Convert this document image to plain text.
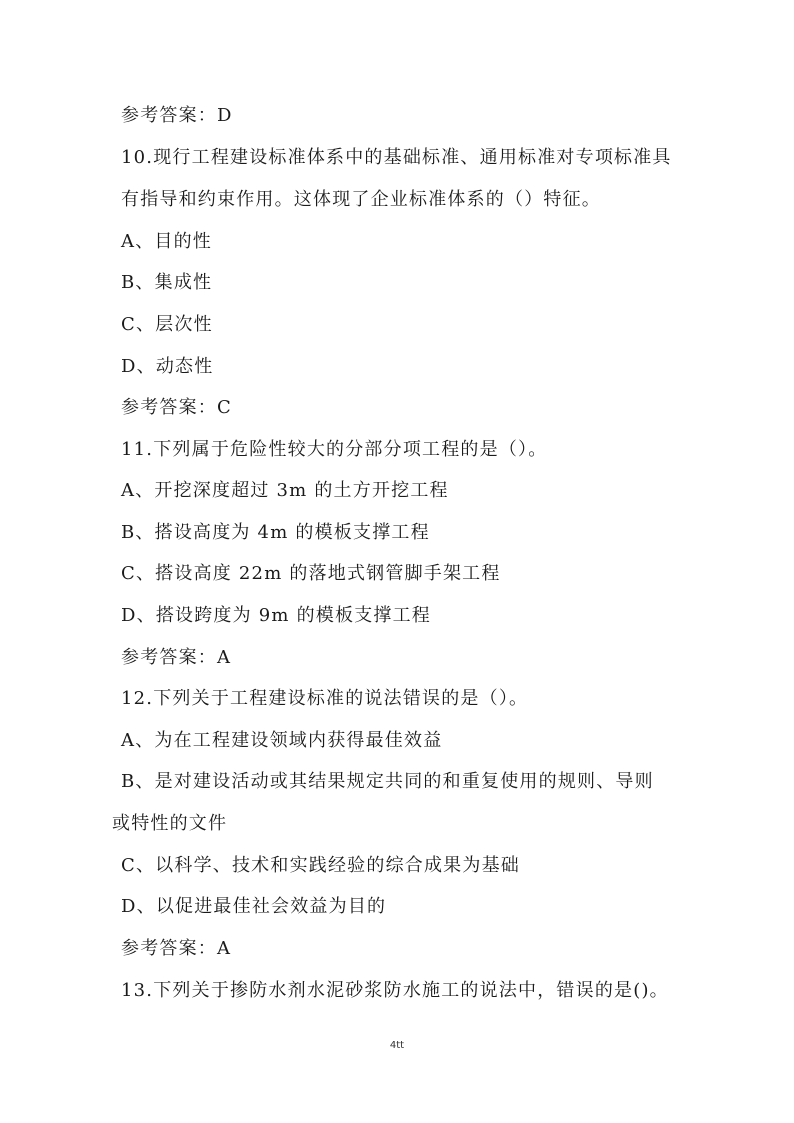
参考答案：D
10.现行工程建设标准体系中的基础标准、通用标准对专项标准具
有指导和约束作用。这体现了企业标准体系的（）特征。
A、目的性
B、集成性
C、层次性
D、动态性
参考答案：C
11.下列属于危险性较大的分部分项工程的是（）。
A、开挖深度超过 3m 的土方开挖工程
B、搭设高度为 4m 的模板支撑工程
C、搭设高度 22m 的落地式钢管脚手架工程
D、搭设跨度为 9m 的模板支撑工程
参考答案：A
12.下列关于工程建设标准的说法错误的是（）。
A、为在工程建设领域内获得最佳效益
B、是对建设活动或其结果规定共同的和重复使用的规则、导则
或特性的文件
C、以科学、技术和实践经验的综合成果为基础
D、以促进最佳社会效益为目的
参考答案：A
13.下列关于掺防水剂水泥砂浆防水施工的说法中，错误的是()。
4tt
